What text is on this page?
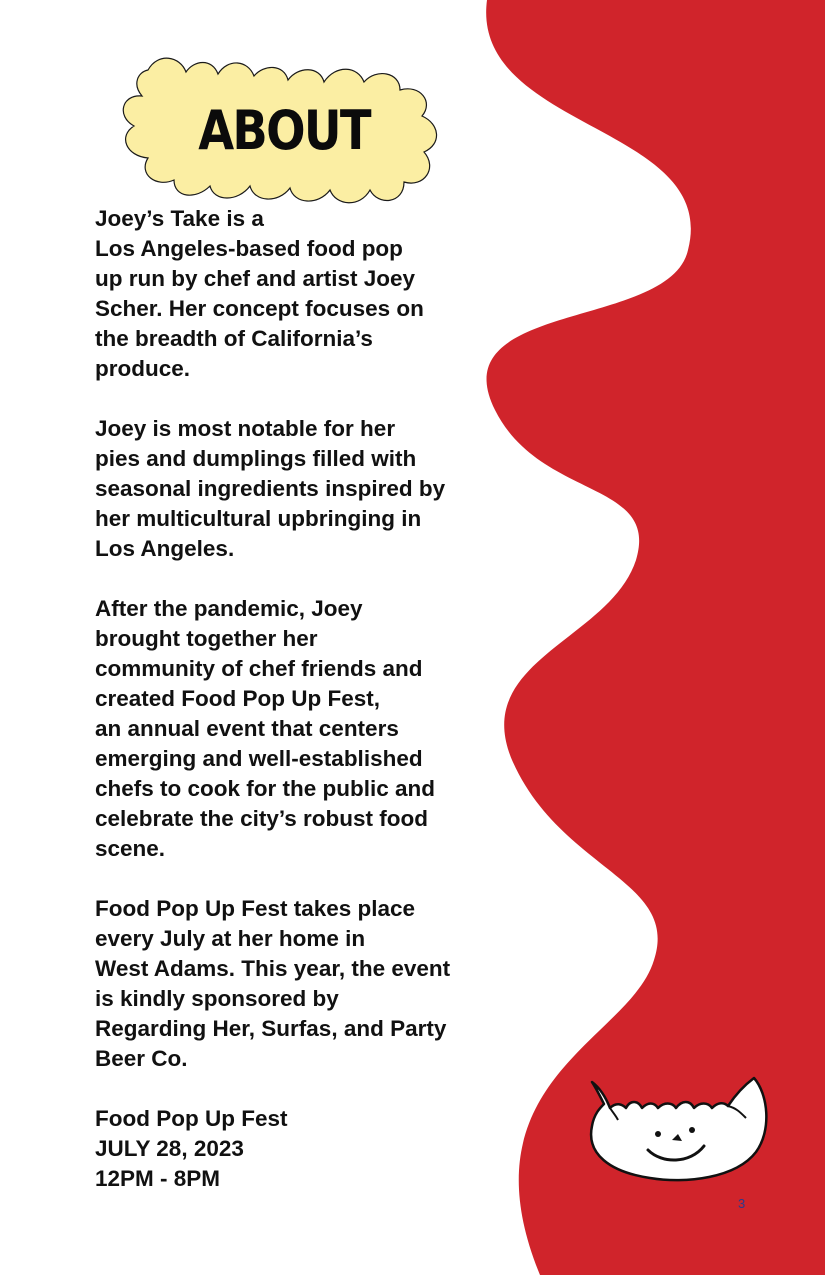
ABOUT

Joey’s Take is a
Los Angeles-based food pop
up run by chef and artist Joey
Scher. Her concept focuses on
the breadth of California’s
produce.

Joey is most notable for her
pies and dumplings filled with
seasonal ingredients inspired by
her multicultural upbringing in
Los Angeles.

After the pandemic, Joey
brought together her
community of chef friends and
created Food Pop Up Fest,
an annual event that centers
emerging and well-established
chefs to cook for the public and
celebrate the city’s robust food
scene.

Food Pop Up Fest takes place
every July at her home in
West Adams. This year, the event
is kindly sponsored by
Regarding Her, Surfas, and Party
Beer Co.

Food Pop Up Fest
JULY 28, 2023
12PM - 8PM

3
